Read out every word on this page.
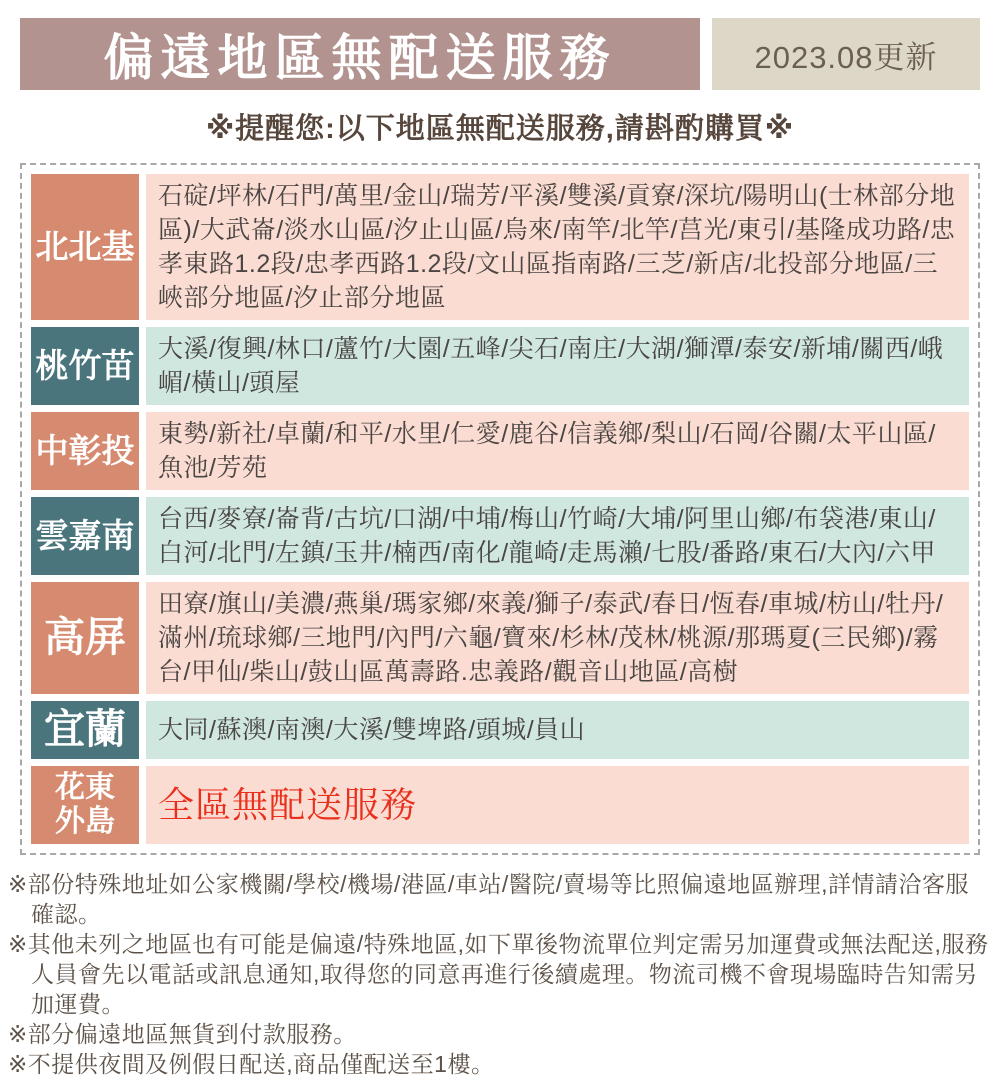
偏遠地區無配送服務	2023.08更新
※提醒您:以下地區無配送服務,請斟酌購買※
北北基
石碇/坪林/石門/萬里/金山/瑞芳/平溪/雙溪/貢寮/深坑/陽明山(士林部分地區)/大武崙/淡水山區/汐止山區/烏來/南竿/北竿/莒光/東引/基隆成功路/忠孝東路1.2段/忠孝西路1.2段/文山區指南路/三芝/新店/北投部分地區/三峽部分地區/汐止部分地區
桃竹苗 大溪/復興/林口/蘆竹/大園/五峰/尖石/南庄/大湖/獅潭/泰安/新埔/關西/峨嵋/橫山/頭屋
中彰投 東勢/新社/卓蘭/和平/水里/仁愛/鹿谷/信義鄉/梨山/石岡/谷關/太平山區/魚池/芳苑
雲嘉南 台西/麥寮/崙背/古坑/口湖/中埔/梅山/竹崎/大埔/阿里山鄉/布袋港/東山/白河/北門/左鎮/玉井/楠西/南化/龍崎/走馬瀨/七股/番路/東石/大內/六甲
高屏
田寮/旗山/美濃/燕巢/瑪家鄉/來義/獅子/泰武/春日/恆春/車城/枋山/牡丹/滿州/琉球鄉/三地門/內門/六龜/寶來/杉林/茂林/桃源/那瑪夏(三民鄉)/霧台/甲仙/柴山/鼓山區萬壽路.忠義路/觀音山地區/高樹
宜蘭	大同/蘇澳/南澳/大溪/雙埤路/頭城/員山
花東外島 全區無配送服務
※部份特殊地址如公家機關/學校/機場/港區/車站/醫院/賣場等比照偏遠地區辦理,詳情請洽客服確認。
※其他未列之地區也有可能是偏遠/特殊地區,如下單後物流單位判定需另加運費或無法配送,服務人員會先以電話或訊息通知,取得您的同意再進行後續處理。物流司機不會現場臨時告知需另加運費。
※部分偏遠地區無貨到付款服務。
※不提供夜間及例假日配送,商品僅配送至1樓。
